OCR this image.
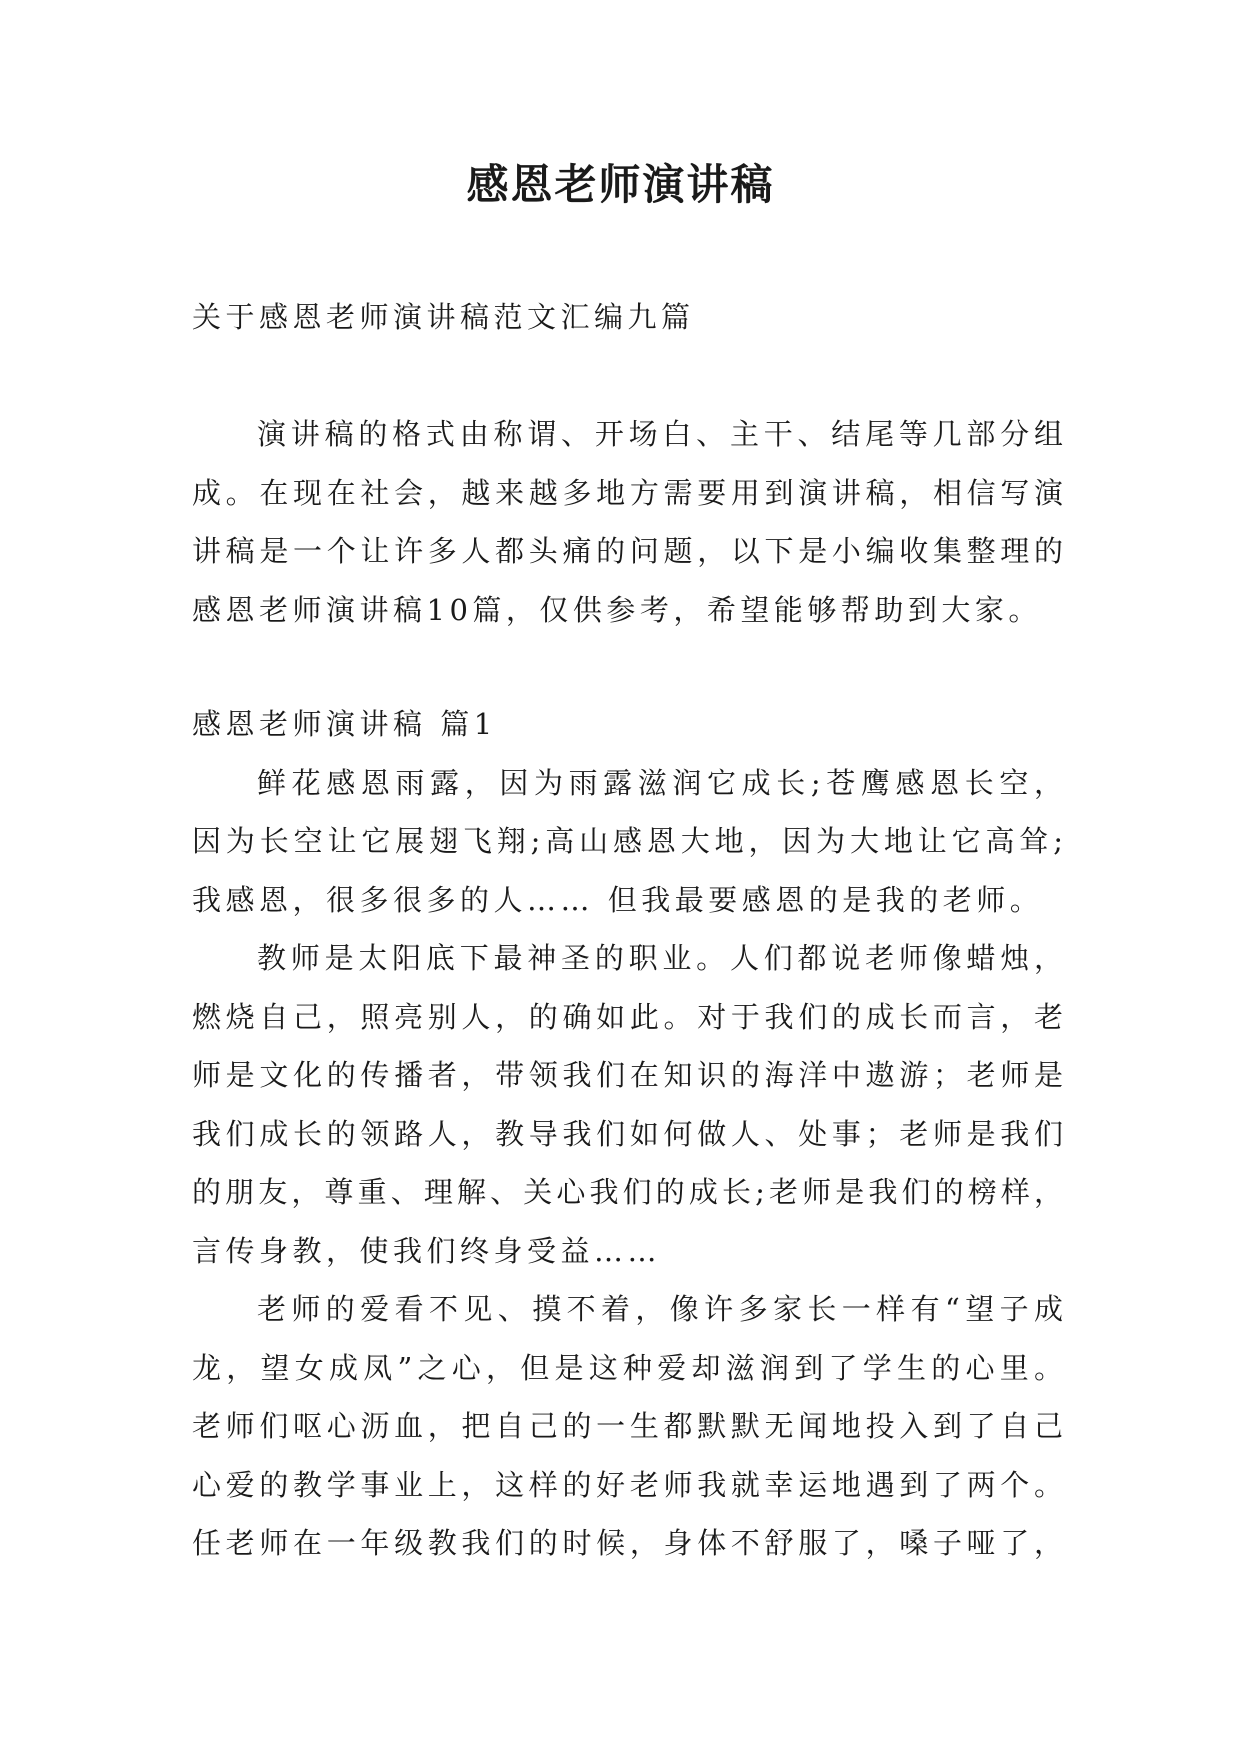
感恩老师演讲稿
关于感恩老师演讲稿范文汇编九篇
演讲稿的格式由称谓、开场白、主干、结尾等几部分组
成。在现在社会，越来越多地方需要用到演讲稿，相信写演
讲稿是一个让许多人都头痛的问题，以下是小编收集整理的
感恩老师演讲稿10篇，仅供参考，希望能够帮助到大家。
感恩老师演讲稿 篇1
鲜花感恩雨露，因为雨露滋润它成长;苍鹰感恩长空，
因为长空让它展翅飞翔;高山感恩大地，因为大地让它高耸;
我感恩，很多很多的人…… 但我最要感恩的是我的老师。
教师是太阳底下最神圣的职业。人们都说老师像蜡烛，
燃烧自己，照亮别人，的确如此。对于我们的成长而言，老
师是文化的传播者，带领我们在知识的海洋中遨游；老师是
我们成长的领路人，教导我们如何做人、处事；老师是我们
的朋友，尊重、理解、关心我们的成长;老师是我们的榜样，
言传身教，使我们终身受益……
老师的爱看不见、摸不着，像许多家长一样有“望子成
龙，望女成凤”之心，但是这种爱却滋润到了学生的心里。
老师们呕心沥血，把自己的一生都默默无闻地投入到了自己
心爱的教学事业上，这样的好老师我就幸运地遇到了两个。
任老师在一年级教我们的时候，身体不舒服了，嗓子哑了，
